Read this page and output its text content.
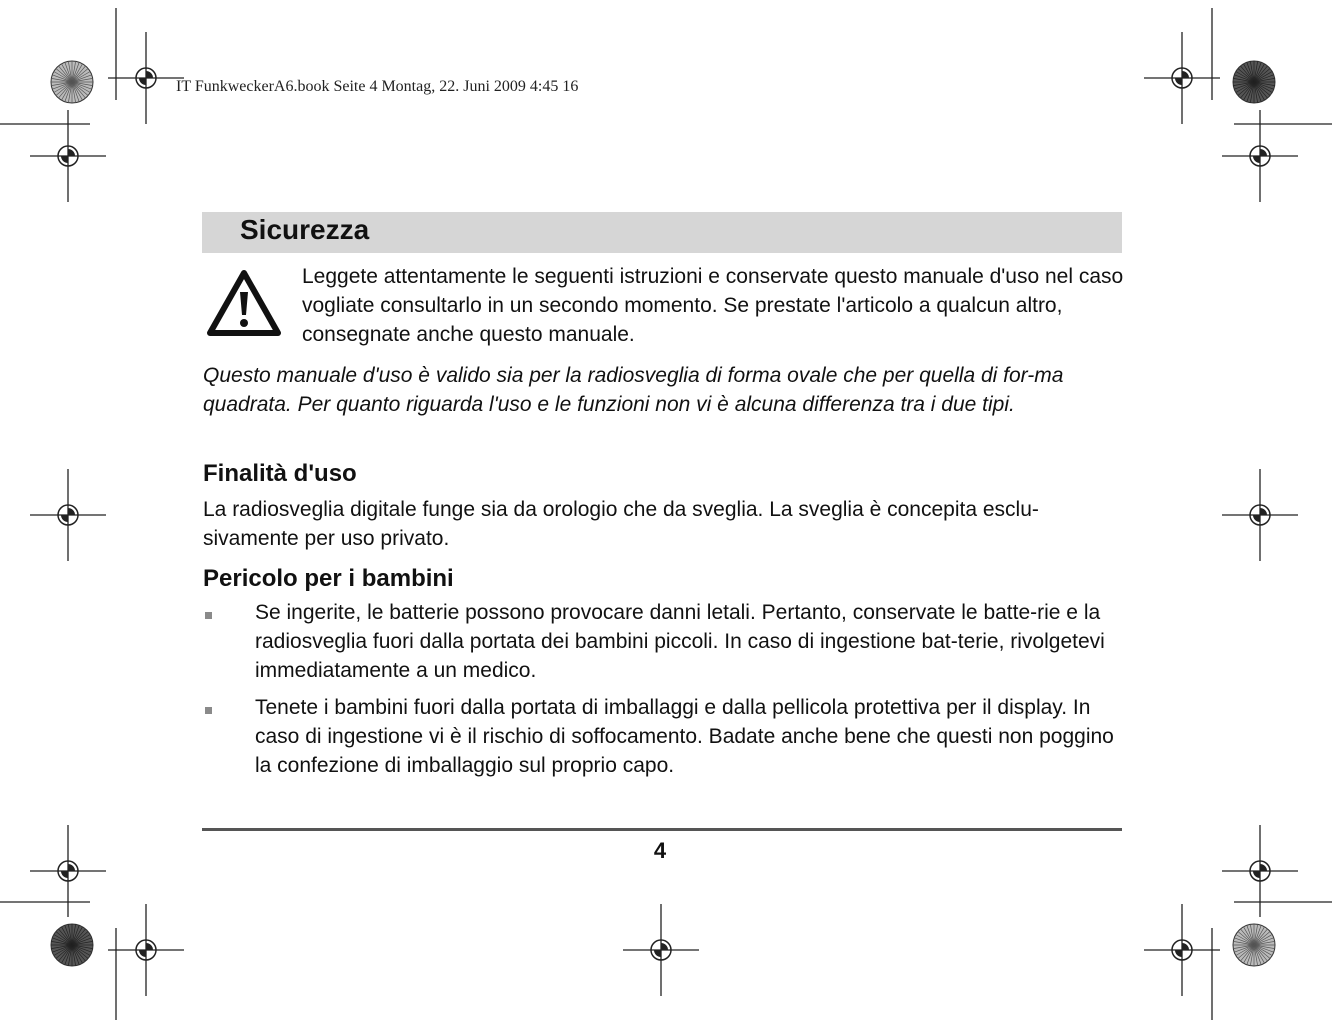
IT FunkweckerA6.book Seite 4 Montag, 22. Juni 2009 4:45 16
Sicurezza

Leggete attentamente le seguenti istruzioni e conservate questo manuale d'uso nel caso vogliate consultarlo in un secondo momento. Se prestate l'articolo a qualcun altro, consegnate anche questo manuale.

Questo manuale d'uso è valido sia per la radiosveglia di forma ovale che per quella di for-ma quadrata. Per quanto riguarda l'uso e le funzioni non vi è alcuna differenza tra i due tipi.

Finalità d'uso

La radiosveglia digitale funge sia da orologio che da sveglia. La sveglia è concepita esclu-sivamente per uso privato.

Pericolo per i bambini
Se ingerite, le batterie possono provocare danni letali. Pertanto, conservate le batte-rie e la radiosveglia fuori dalla portata dei bambini piccoli. In caso di ingestione bat-terie, rivolgetevi immediatamente a un medico.
Tenete i bambini fuori dalla portata di imballaggi e dalla pellicola protettiva per il display. In caso di ingestione vi è il rischio di soffocamento. Badate anche bene che questi non poggino la confezione di imballaggio sul proprio capo.
4
